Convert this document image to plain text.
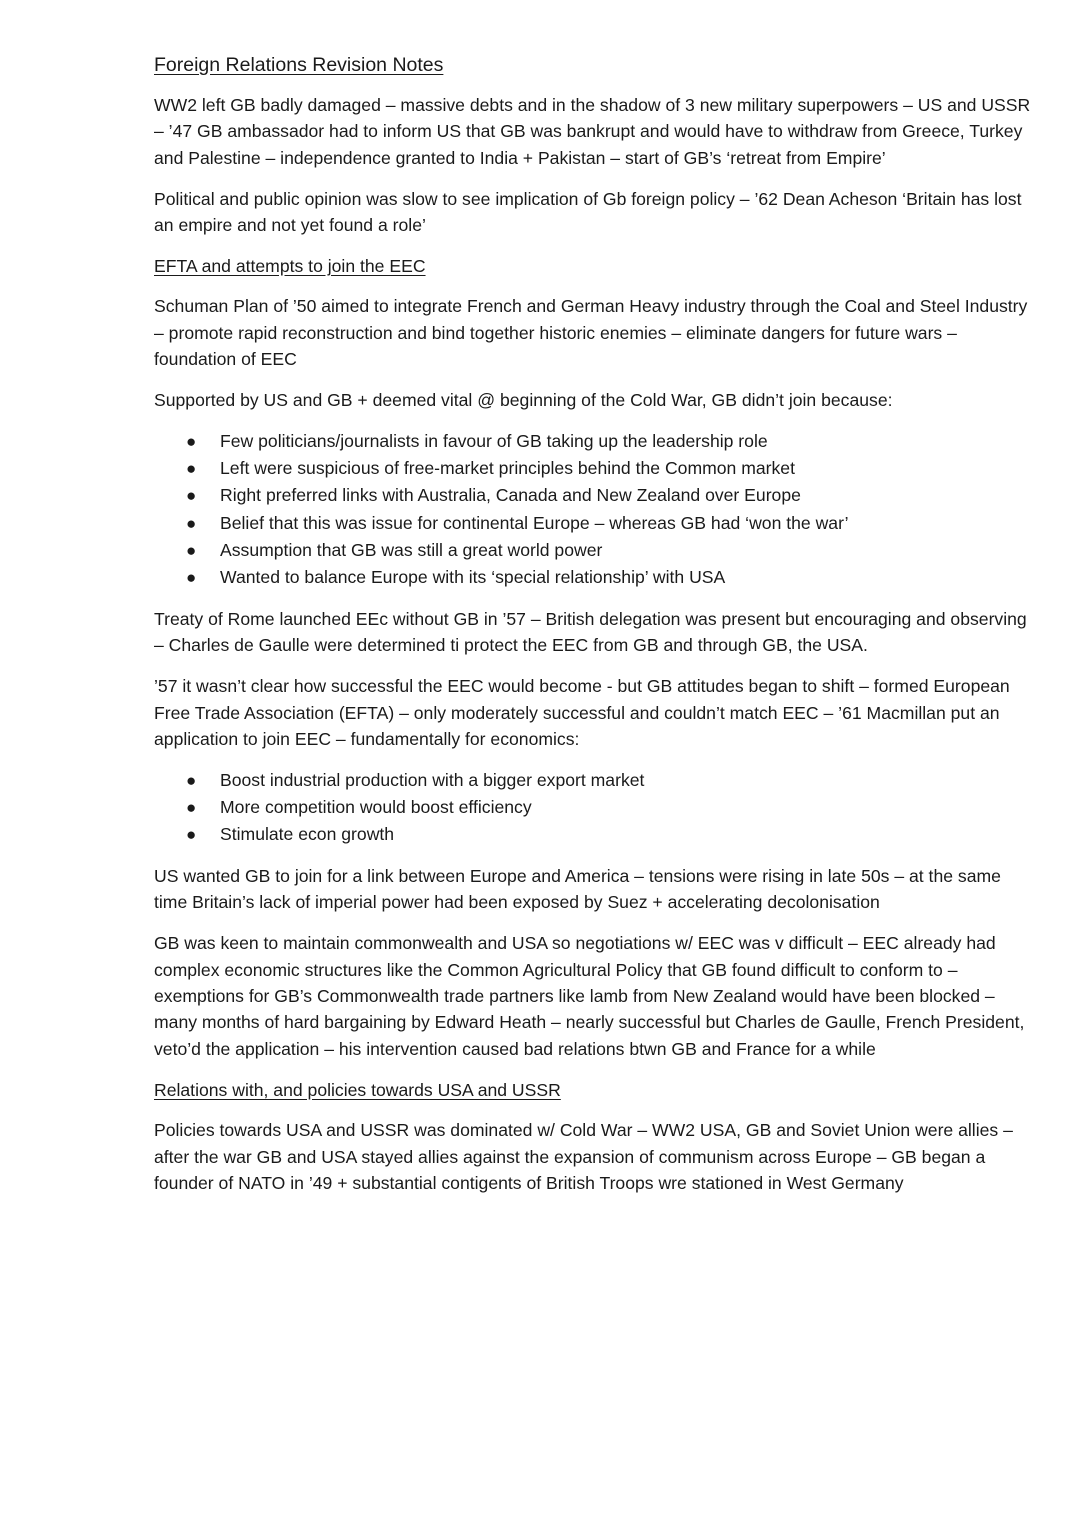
Foreign Relations Revision Notes

WW2 left GB badly damaged – massive debts and in the shadow of 3 new military superpowers – US and USSR – ’47 GB ambassador had to inform US that GB was bankrupt and would have to withdraw from Greece, Turkey and Palestine – independence granted to India + Pakistan – start of GB’s ‘retreat from Empire’

Political and public opinion was slow to see implication of Gb foreign policy – ’62 Dean Acheson ‘Britain has lost an empire and not yet found a role’

EFTA and attempts to join the EEC

Schuman Plan of ’50 aimed to integrate French and German Heavy industry through the Coal and Steel Industry – promote rapid reconstruction and bind together historic enemies – eliminate dangers for future wars – foundation of EEC

Supported by US and GB + deemed vital @ beginning of the Cold War, GB didn’t join because:

● Few politicians/journalists in favour of GB taking up the leadership role
● Left were suspicious of free-market principles behind the Common market
● Right preferred links with Australia, Canada and New Zealand over Europe
● Belief that this was issue for continental Europe – whereas GB had ‘won the war’
● Assumption that GB was still a great world power
● Wanted to balance Europe with its ‘special relationship’ with USA

Treaty of Rome launched EEc without GB in ’57 – British delegation was present but encouraging and observing – Charles de Gaulle were determined ti protect the EEC from GB and through GB, the USA.

’57 it wasn’t clear how successful the EEC would become - but GB attitudes began to shift – formed European Free Trade Association (EFTA) – only moderately successful and couldn’t match EEC – ’61 Macmillan put an application to join EEC – fundamentally for economics:

● Boost industrial production with a bigger export market
● More competition would boost efficiency
● Stimulate econ growth

US wanted GB to join for a link between Europe and America – tensions were rising in late 50s – at the same time Britain’s lack of imperial power had been exposed by Suez + accelerating decolonisation

GB was keen to maintain commonwealth and USA so negotiations w/ EEC was v difficult – EEC already had complex economic structures like the Common Agricultural Policy that GB found difficult to conform to – exemptions for GB’s Commonwealth trade partners like lamb from New Zealand would have been blocked – many months of hard bargaining by Edward Heath – nearly successful but Charles de Gaulle, French President, veto’d the application – his intervention caused bad relations btwn GB and France for a while

Relations with, and policies towards USA and USSR

Policies towards USA and USSR was dominated w/ Cold War – WW2 USA, GB and Soviet Union were allies – after the war GB and USA stayed allies against the expansion of communism across Europe – GB began a founder of NATO in ’49 + substantial contigents of British Troops wre stationed in West Germany
